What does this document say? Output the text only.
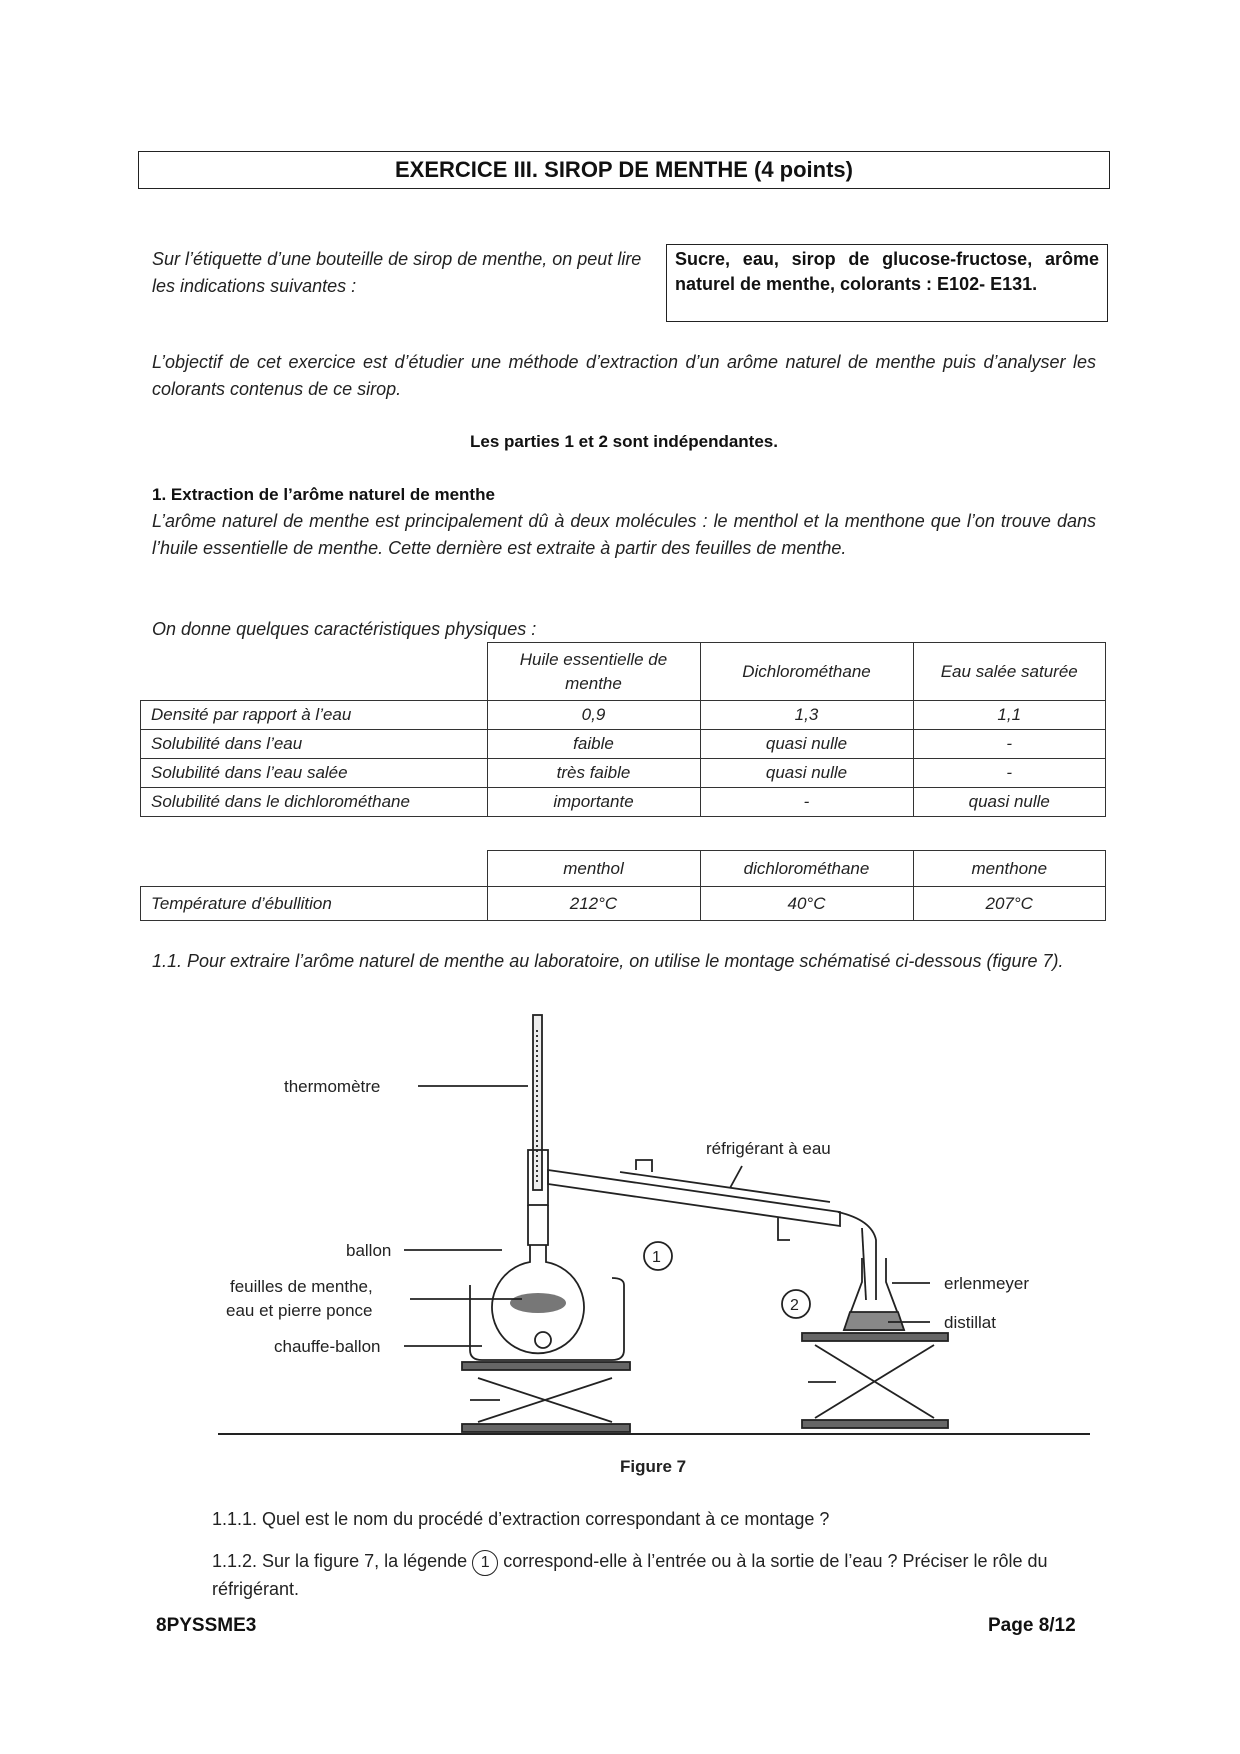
EXERCICE III. SIROP DE MENTHE (4 points)
Sur l’étiquette d’une bouteille de sirop de menthe, on peut lire les indications suivantes :
Sucre, eau, sirop de glucose-fructose, arôme naturel de menthe, colorants : E102- E131.
L’objectif de cet exercice est d’étudier une méthode d’extraction d’un arôme naturel de menthe puis d’analyser les colorants contenus de ce sirop.
Les parties 1 et 2 sont indépendantes.
1. Extraction de l’arôme naturel de menthe
L’arôme naturel de menthe est principalement dû à deux molécules : le menthol et la menthone que l’on trouve dans l’huile essentielle de menthe. Cette dernière est extraite à partir des feuilles de menthe.
On donne quelques caractéristiques physiques :
	Huile essentielle de menthe	Dichlorométhane	Eau salée saturée
Densité par rapport à l’eau	0,9	1,3	1,1
Solubilité dans l’eau	faible	quasi nulle	-
Solubilité dans l’eau salée	très faible	quasi nulle	-
Solubilité dans le dichlorométhane	importante	-	quasi nulle
	menthol	dichlorométhane	menthone
Température d’ébullition	212°C	40°C	207°C
1.1. Pour extraire l’arôme naturel de menthe au laboratoire, on utilise le montage schématisé ci-dessous (figure 7).
thermomètre
réfrigérant à eau
ballon
feuilles de menthe,
eau et pierre ponce
chauffe-ballon
erlenmeyer
distillat
1
2
Figure 7
1.1.1. Quel est le nom du procédé d’extraction correspondant à ce montage ?
1.1.2. Sur la figure 7, la légende 1 correspond-elle à l’entrée ou à la sortie de l’eau ? Préciser le rôle du réfrigérant.
8PYSSME3	Page 8/12
